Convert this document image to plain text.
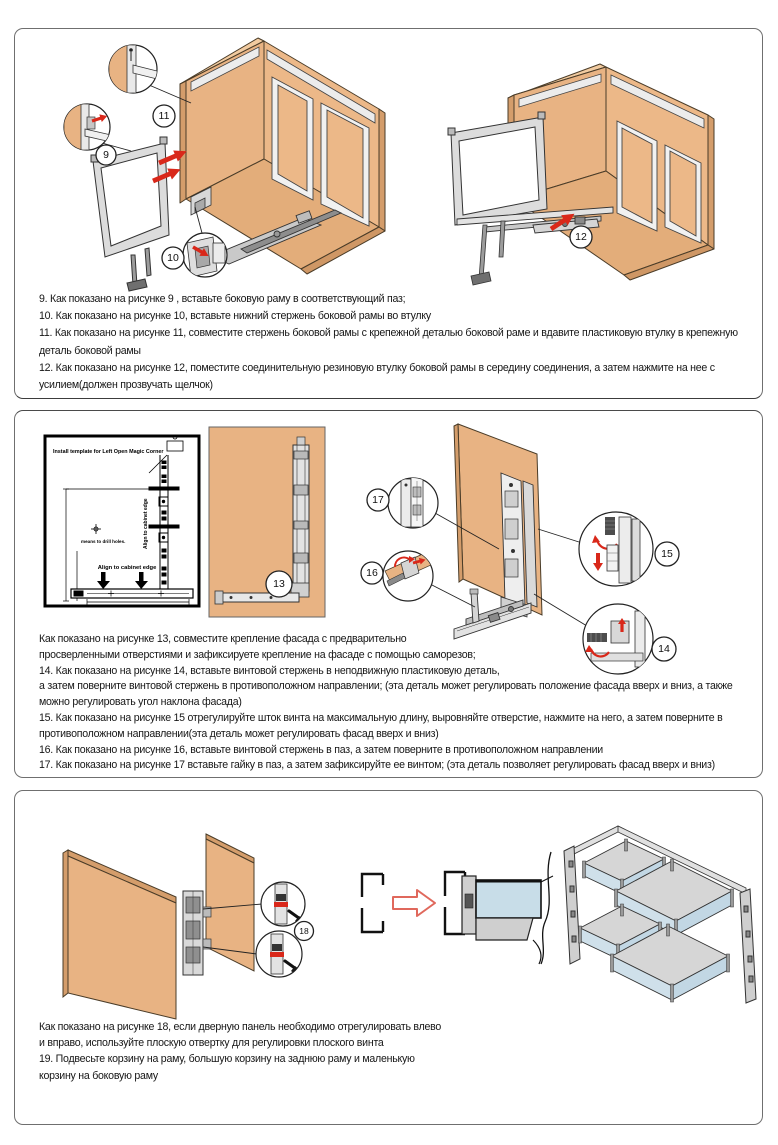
11
9
10
12
9. Как показано на рисунке 9 , вставьте боковую раму в соответствующий паз;
10. Как показано на рисунке 10, вставьте нижний стержень боковой рамы во втулку
11. Как показано на рисунке 11, совместите стержень боковой рамы с крепежной деталью боковой раме и вдавите пластиковую втулку в крепежную
деталь боковой рамы
12. Как показано на рисунке 12, поместите соединительную резиновую втулку боковой рамы в середину соединения, а затем нажмите на нее с
усилием(должен прозвучать щелчок)
Install template for Left Open Magic Corner
Align to cabinet edge
means to drill holes.
Align to cabinet edge
13
17
16
15
14
Как показано на рисунке 13, совместите крепление фасада с предварительно
просверленными отверстиями и зафиксируете крепление на фасаде с помощью саморезов;
14. Как показано на рисунке 14, вставьте винтовой стержень в неподвижную пластиковую деталь,
а затем поверните винтовой стержень в противоположном направлении; (эта деталь может регулировать положение фасада вверх и вниз, а также
можно регулировать угол наклона фасада)
15. Как показано на рисунке 15 отрегулируйте шток винта на максимальную длину, выровняйте отверстие, нажмите на него, а затем поверните в
противоположном направлении(эта деталь может регулировать фасад вверх и вниз)
16. Как показано на рисунке 16, вставьте винтовой стержень в паз, а затем поверните в противоположном направлении
17. Как показано на рисунке 17 вставьте гайку в паз, а затем зафиксируйте ее винтом; (эта деталь позволяет регулировать фасад вверх и вниз)
18
Как показано на рисунке 18, если дверную панель необходимо отрегулировать влево
и вправо, используйте плоскую отвертку для регулировки плоского винта
19. Подвесьте корзину на раму, большую корзину на заднюю раму и маленькую
корзину на боковую раму
